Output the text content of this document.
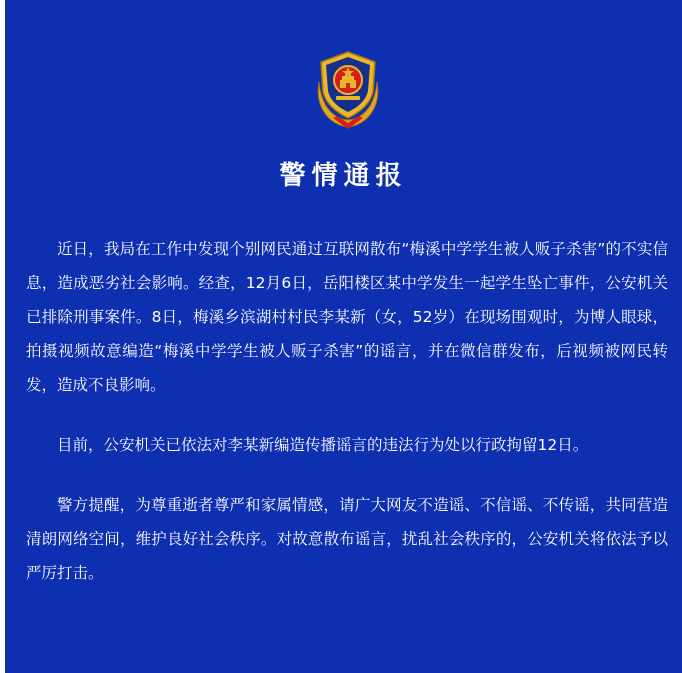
警情通报

近日，我局在工作中发现个别网民通过互联网散布“梅溪中学学生被人贩子杀害”的不实信息，造成恶劣社会影响。经查，12月6日，岳阳楼区某中学发生一起学生坠亡事件，公安机关已排除刑事案件。8日，梅溪乡滨湖村村民李某新（女，52岁）在现场围观时，为博人眼球，拍摄视频故意编造“梅溪中学学生被人贩子杀害”的谣言，并在微信群发布，后视频被网民转发，造成不良影响。

目前，公安机关已依法对李某新编造传播谣言的违法行为处以行政拘留12日。

警方提醒，为尊重逝者尊严和家属情感，请广大网友不造谣、不信谣、不传谣，共同营造清朗网络空间，维护良好社会秩序。对故意散布谣言，扰乱社会秩序的，公安机关将依法予以严厉打击。
